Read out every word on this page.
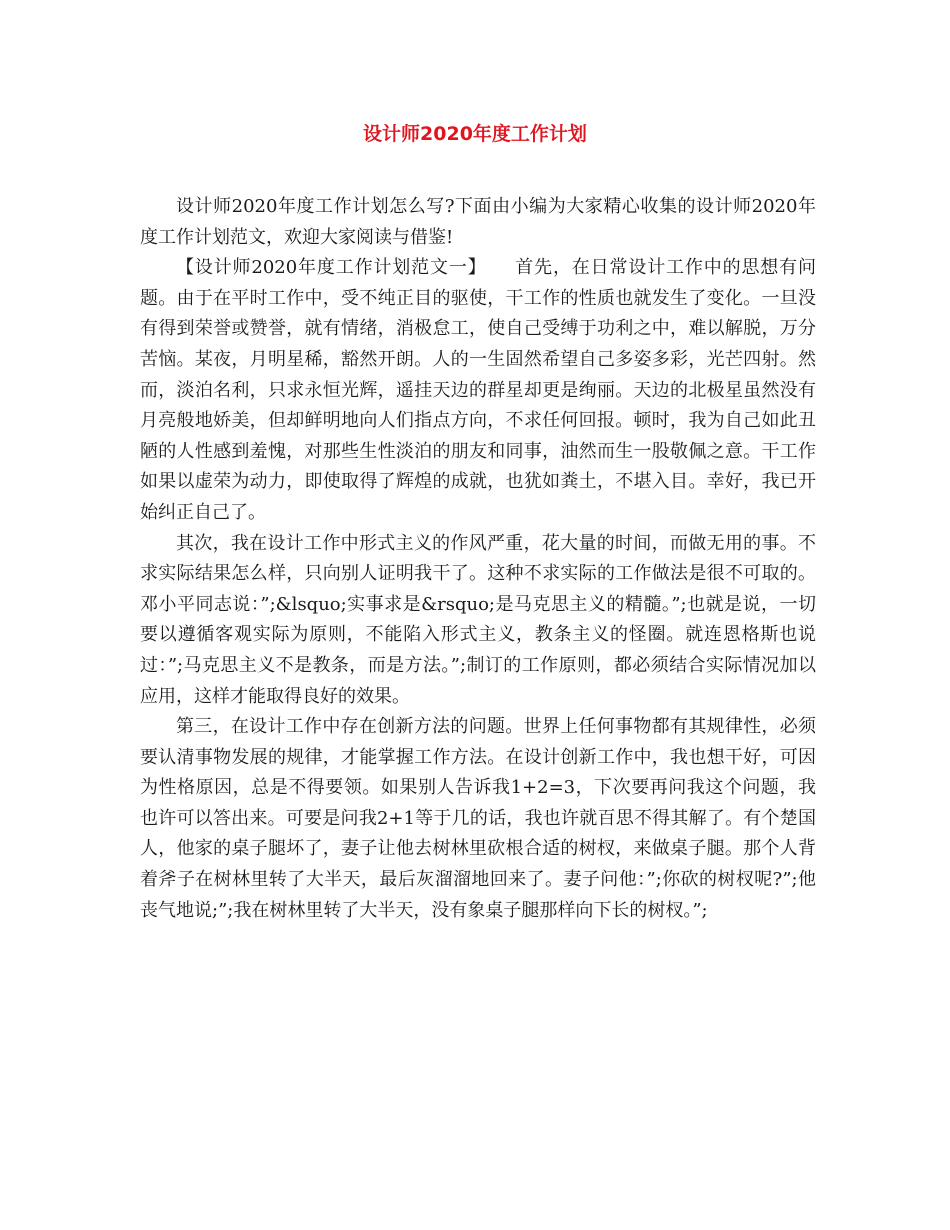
设计师2020年度工作计划

设计师2020年度工作计划怎么写?下面由小编为大家精心收集的设计师2020年度工作计划范文，欢迎大家阅读与借鉴!

【设计师2020年度工作计划范文一】　　首先，在日常设计工作中的思想有问题。由于在平时工作中，受不纯正目的驱使，干工作的性质也就发生了变化。一旦没有得到荣誉或赞誉，就有情绪，消极怠工，使自己受缚于功利之中，难以解脱，万分苦恼。某夜，月明星稀，豁然开朗。人的一生固然希望自己多姿多彩，光芒四射。然而，淡泊名利，只求永恒光辉，遥挂天边的群星却更是绚丽。天边的北极星虽然没有月亮般地娇美，但却鲜明地向人们指点方向，不求任何回报。顿时，我为自己如此丑陋的人性感到羞愧，对那些生性淡泊的朋友和同事，油然而生一股敬佩之意。干工作如果以虚荣为动力，即使取得了辉煌的成就，也犹如粪土，不堪入目。幸好，我已开始纠正自己了。

其次，我在设计工作中形式主义的作风严重，花大量的时间，而做无用的事。不求实际结果怎么样，只向别人证明我干了。这种不求实际的工作做法是很不可取的。邓小平同志说：”;&lsquo;实事求是&rsquo;是马克思主义的精髓。”;也就是说，一切要以遵循客观实际为原则，不能陷入形式主义，教条主义的怪圈。就连恩格斯也说过：”;马克思主义不是教条，而是方法。”;制订的工作原则，都必须结合实际情况加以应用，这样才能取得良好的效果。

第三，在设计工作中存在创新方法的问题。世界上任何事物都有其规律性，必须要认清事物发展的规律，才能掌握工作方法。在设计创新工作中，我也想干好，可因为性格原因，总是不得要领。如果别人告诉我1+2=3，下次要再问我这个问题，我也许可以答出来。可要是问我2+1等于几的话，我也许就百思不得其解了。有个楚国人，他家的桌子腿坏了，妻子让他去树林里砍根合适的树杈，来做桌子腿。那个人背着斧子在树林里转了大半天，最后灰溜溜地回来了。妻子问他：”;你砍的树杈呢?”;他丧气地说;”;我在树林里转了大半天，没有象桌子腿那样向下长的树杈。”;
